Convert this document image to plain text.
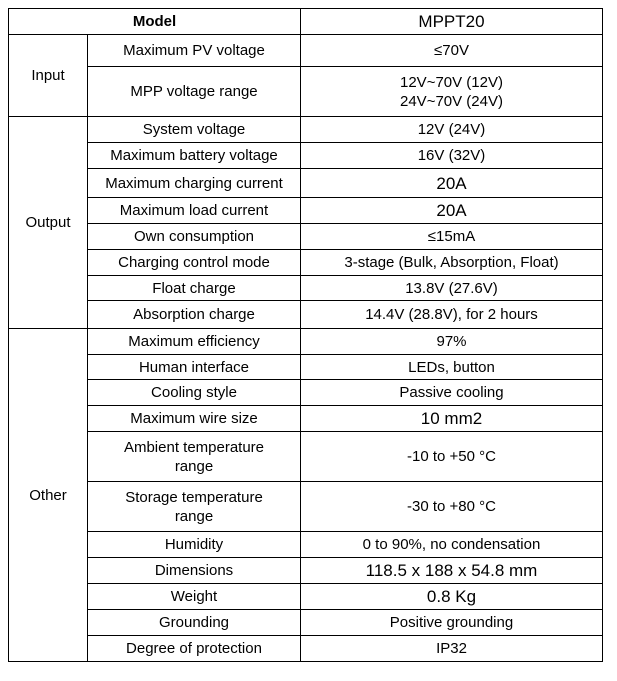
Model		MPPT20
Input	Maximum PV voltage	≤70V
	MPP voltage range	12V~70V (12V)
24V~70V (24V)

Output	System voltage	12V (24V)
	Maximum battery voltage	16V (32V)
	Maximum charging current	20A
	Maximum load current	20A
	Own consumption	≤15mA
	Charging control mode	3-stage (Bulk, Absorption, Float)
	Float charge	13.8V (27.6V)
	Absorption charge	14.4V (28.8V), for 2 hours
Other	Maximum efficiency	97%
	Human interface	LEDs, button
	Cooling style	Passive cooling
	Maximum wire size	10 mm2

	Ambient temperature
range	-10 to +50 °C

	Storage temperature
range	-30 to +80 °C
	Humidity	0 to 90%, no condensation
	Dimensions	118.5 x 188 x 54.8 mm
	Weight	0.8 Kg
	Grounding	Positive grounding
	Degree of protection	IP32
